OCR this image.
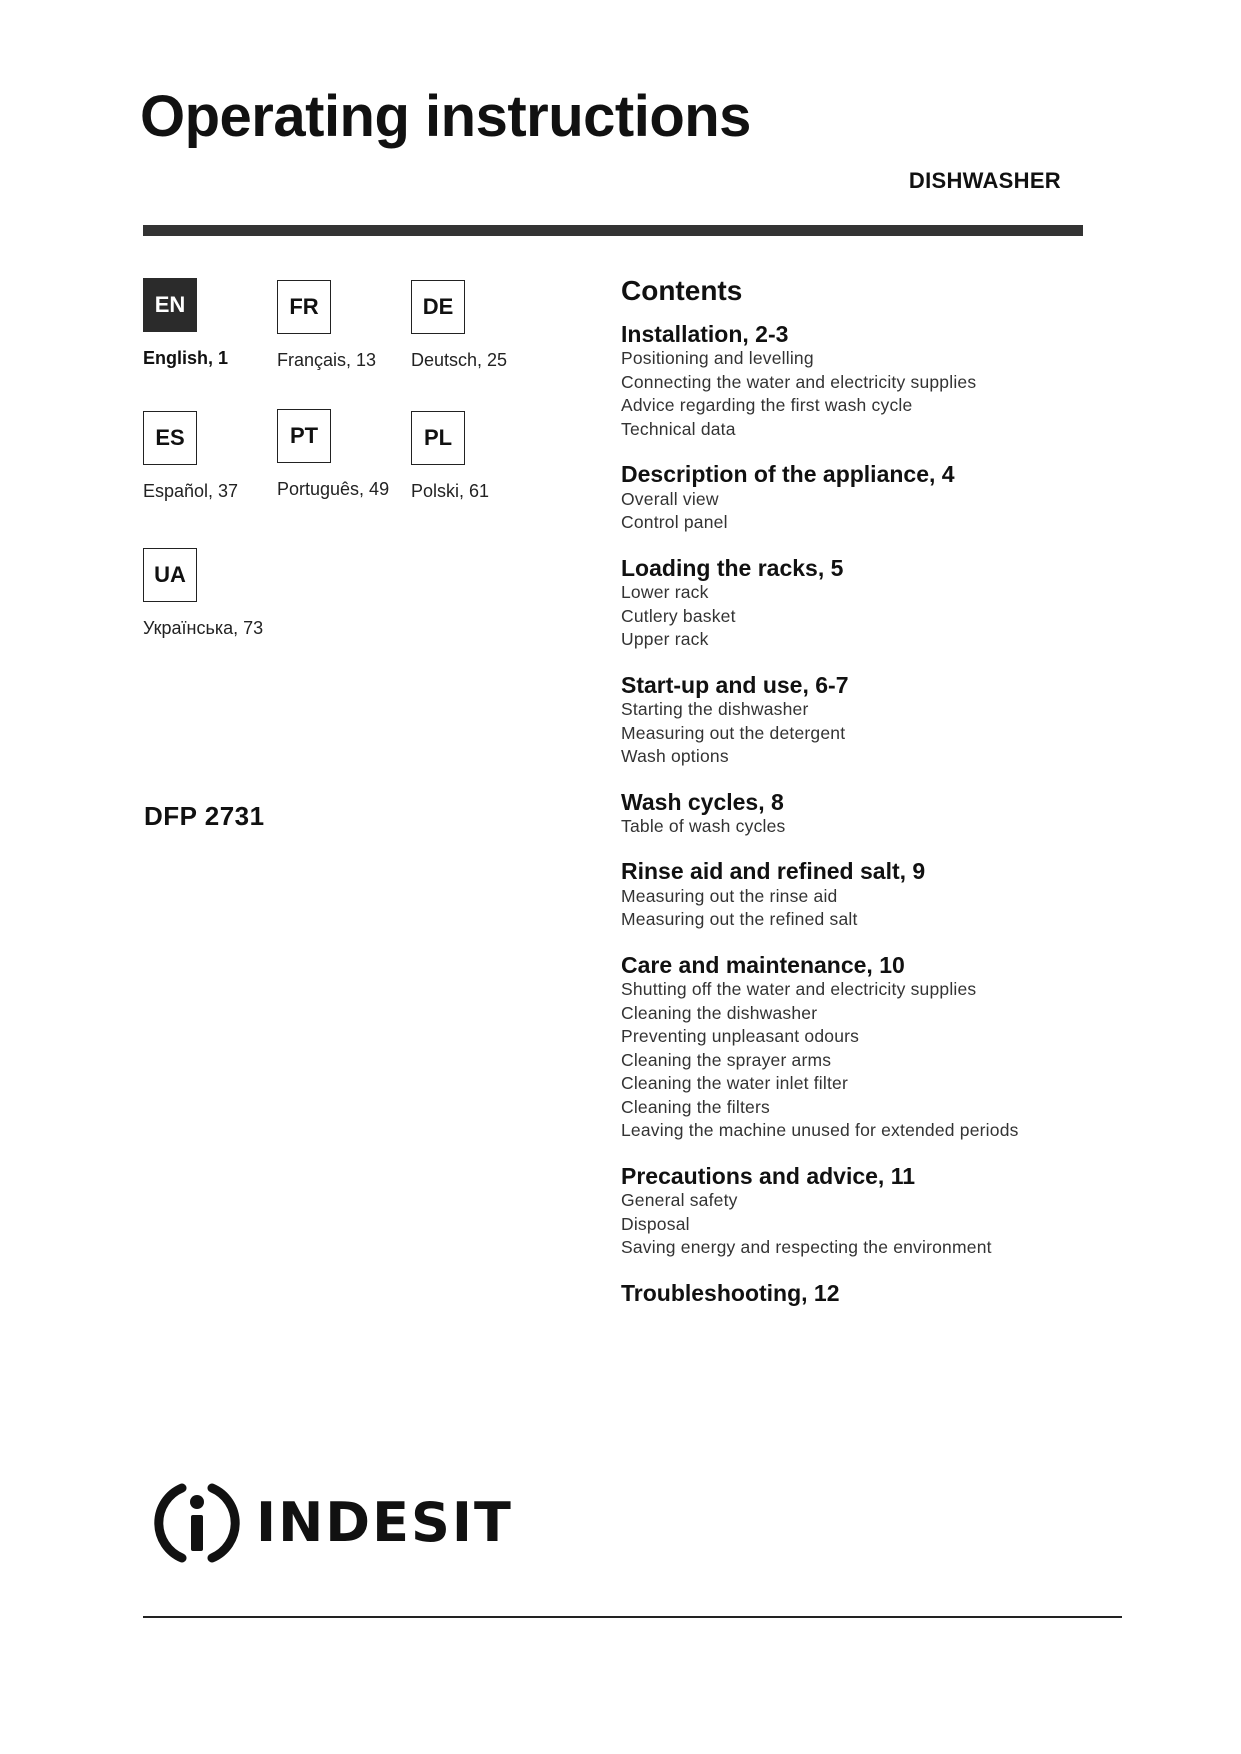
Operating instructions
DISHWASHER
EN
English, 1
FR
Français, 13
DE
Deutsch, 25
ES
Español, 37
PT
Português, 49
PL
Polski, 61
UA
Українська, 73
DFP 2731
Contents
Installation, 2-3
Positioning and levelling
Connecting the water and electricity supplies
Advice regarding the first wash cycle
Technical data
Description of the appliance, 4
Overall view
Control panel
Loading the racks, 5
Lower rack
Cutlery basket
Upper rack
Start-up and use, 6-7
Starting the dishwasher
Measuring out the detergent
Wash options
Wash cycles, 8
Table of wash cycles
Rinse aid and refined salt, 9
Measuring out the rinse aid
Measuring out the refined salt
Care and maintenance, 10
Shutting off the water and electricity supplies
Cleaning the dishwasher
Preventing unpleasant odours
Cleaning the sprayer arms
Cleaning the water inlet filter
Cleaning the filters
Leaving the machine unused for extended periods
Precautions and advice, 11
General safety
Disposal
Saving energy and respecting the environment
Troubleshooting, 12
INDESIT
